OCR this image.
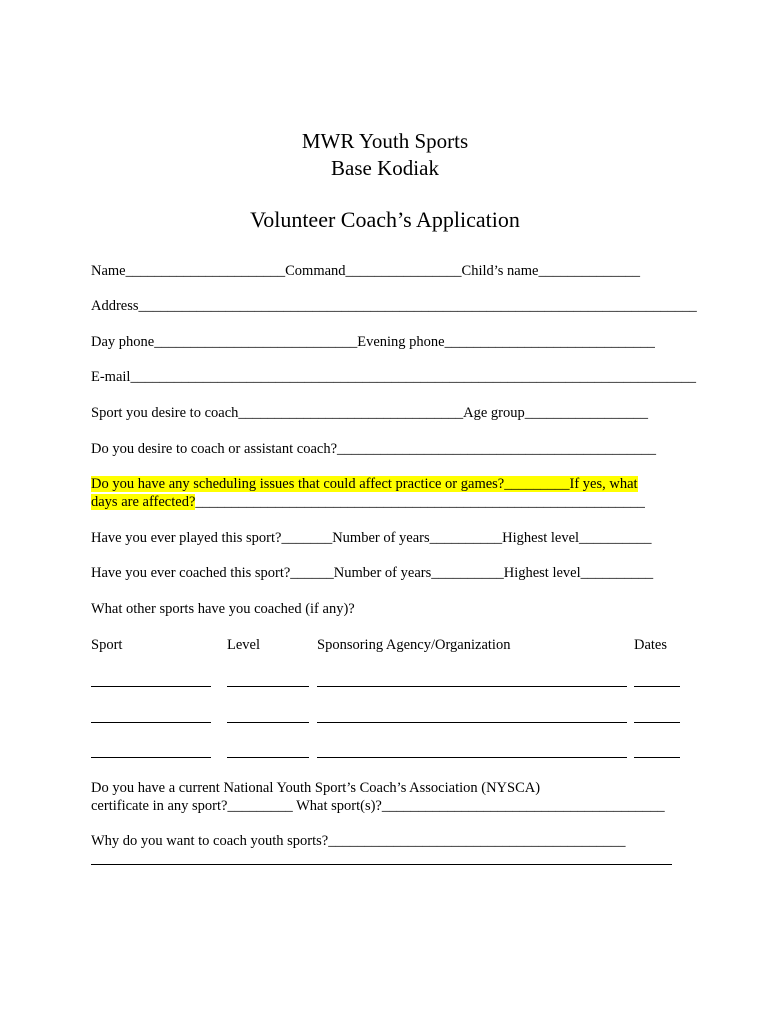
MWR Youth Sports
Base Kodiak
Volunteer Coach’s Application
Name______________________Command________________Child’s name______________
Address_____________________________________________________________________________
Day phone____________________________Evening phone_____________________________
E-mail______________________________________________________________________________
Sport you desire to coach_______________________________Age group_________________
Do you desire to coach or assistant coach?____________________________________________
Do you have any scheduling issues that could affect practice or games?_________If yes, what
days are affected?______________________________________________________________
Have you ever played this sport?_______Number of years__________Highest level__________
Have you ever coached this sport?______Number of years__________Highest level__________
What other sports have you coached (if any)?
Sport	Level	Sponsoring Agency/Organization	Dates
Do you have a current National Youth Sport’s Coach’s Association (NYSCA)
certificate in any sport?_________ What sport(s)?_______________________________________
Why do you want to coach youth sports?_________________________________________
